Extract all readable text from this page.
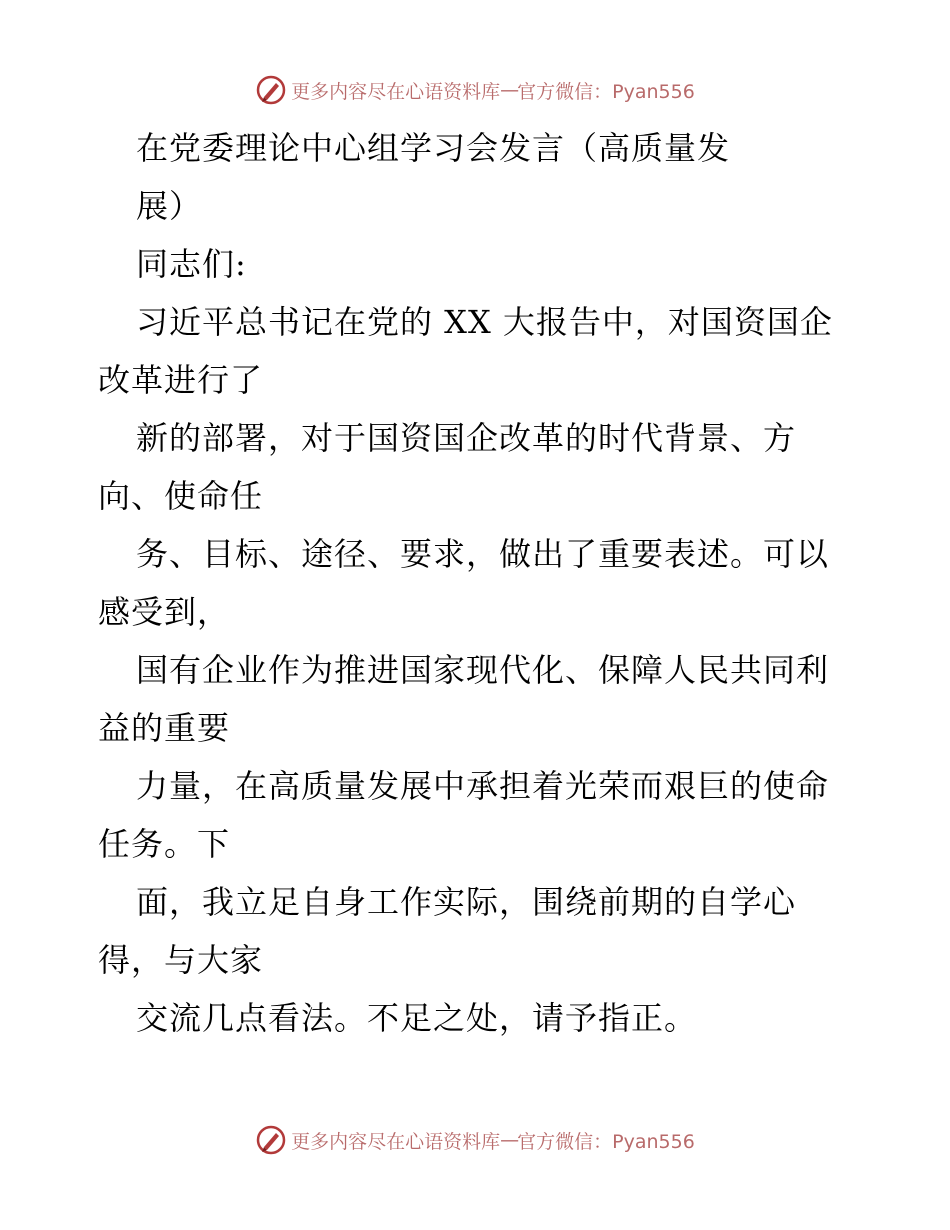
更多内容尽在心语资料库 — 官方微信：Pyan556
在党委理论中心组学习会发言（高质量发
展）
同志们:
习近平总书记在党的 XX 大报告中，对国资国企
改革进行了
新的部署，对于国资国企改革的时代背景、方
向、使命任
务、目标、途径、要求，做出了重要表述。可以
感受到，
国有企业作为推进国家现代化、保障人民共同利
益的重要
力量，在高质量发展中承担着光荣而艰巨的使命
任务。下
面，我立足自身工作实际，围绕前期的自学心
得，与大家
交流几点看法。不足之处，请予指正。
更多内容尽在心语资料库 — 官方微信：Pyan556
